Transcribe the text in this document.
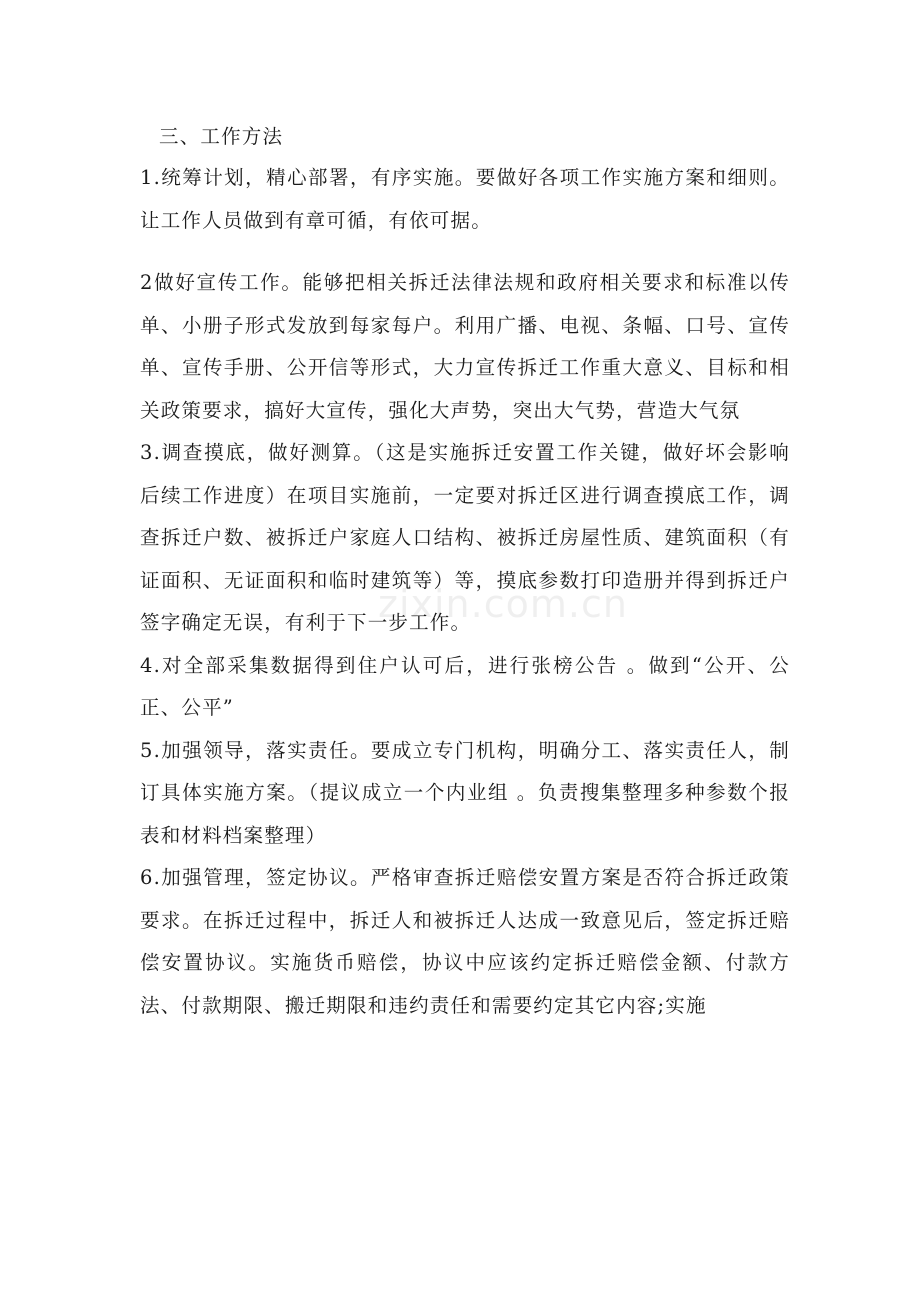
三、工作方法

1.统筹计划，精心部署，有序实施。要做好各项工作实施方案和细则。让工作人员做到有章可循，有依可据。

2做好宣传工作。能够把相关拆迁法律法规和政府相关要求和标准以传单、小册子形式发放到每家每户。利用广播、电视、条幅、口号、宣传单、宣传手册、公开信等形式，大力宣传拆迁工作重大意义、目标和相关政策要求，搞好大宣传，强化大声势，突出大气势，营造大气氛

3.调查摸底，做好测算。（这是实施拆迁安置工作关键，做好坏会影响后续工作进度）在项目实施前，一定要对拆迁区进行调查摸底工作，调查拆迁户数、被拆迁户家庭人口结构、被拆迁房屋性质、建筑面积（有证面积、无证面积和临时建筑等）等，摸底参数打印造册并得到拆迁户签字确定无误，有利于下一步工作。

4.对全部采集数据得到住户认可后，进行张榜公告 。做到“公开、公正、公平”

5.加强领导，落实责任。要成立专门机构，明确分工、落实责任人，制订具体实施方案。（提议成立一个内业组 。负责搜集整理多种参数个报表和材料档案整理）

6.加强管理，签定协议。严格审查拆迁赔偿安置方案是否符合拆迁政策要求。在拆迁过程中，拆迁人和被拆迁人达成一致意见后，签定拆迁赔偿安置协议。实施货币赔偿，协议中应该约定拆迁赔偿金额、付款方法、付款期限、搬迁期限和违约责任和需要约定其它内容;实施

zixin.com.cn
